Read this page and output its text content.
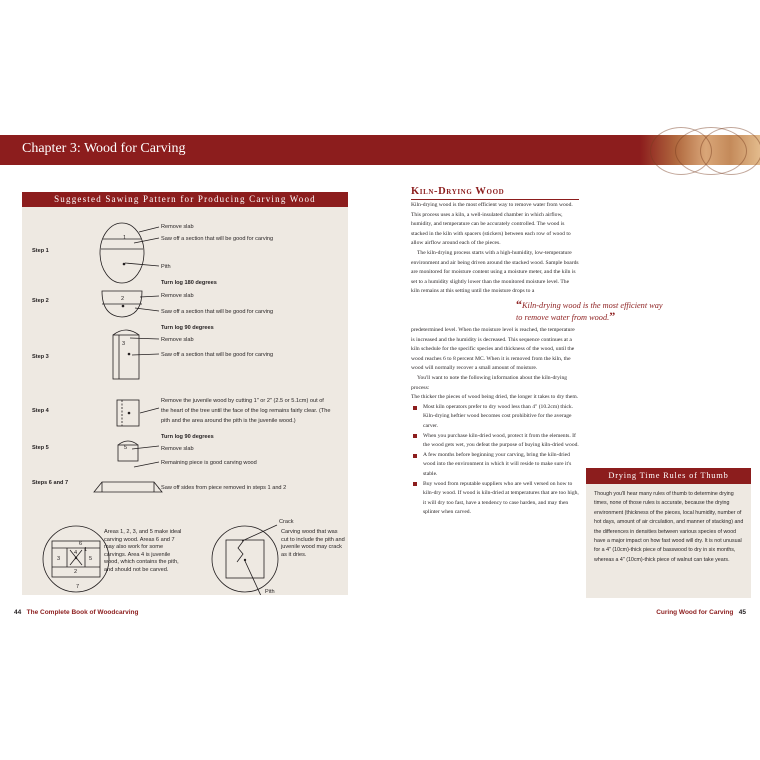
Chapter 3: Wood for Carving
Suggested Sawing Pattern for Producing Carving Wood
Step 1
Step 2
Step 3
Step 4
Step 5
Steps 6 and 7
1
2
3
5
6
1
3
4
5
2
7
Remove slab
Saw off a section that will be good for carving
Pith
Turn log 180 degrees
Remove slab
Saw off a section that will be good for carving
Turn log 90 degrees
Remove slab
Saw off a section that will be good for carving
Remove the juvenile wood by cutting 1" or 2" (2.5 or 5.1cm) out of
the heart of the tree until the face of the log remains fairly clear. (The
pith and the area around the pith is the juvenile wood.)
Turn log 90 degrees
Remove slab
Remaining piece is good carving wood
Saw off sides from piece removed in steps 1 and 2
Crack
Pith
Areas 1, 2, 3, and 5 make ideal carving wood. Areas 6 and 7 may also work for some carvings. Area 4 is juvenile wood, which contains the pith, and should not be carved.
Carving wood that was cut to include the pith and juvenile wood may crack as it dries.
44 The Complete Book of Woodcarving	Curing Wood for Carving 45
Kiln-Drying Wood

Kiln-drying wood is the most efficient way to remove water from wood. This process uses a kiln, a well-insulated chamber in which airflow, humidity, and temperature can be accurately controlled. The wood is stacked in the kiln with spacers (stickers) between each row of wood to allow airflow around each of the pieces.

The kiln-drying process starts with a high-humidity, low-temperature environment and air being driven around the stacked wood. Sample boards are monitored for moisture content using a moisture meter, and the kiln is set to a humidity slightly lower than the monitored moisture level. The kiln remains at this setting until the moisture drops to a

predetermined level. When the moisture level is reached, the temperature is increased and the humidity is decreased. This sequence continues at a kiln schedule for the specific species and thickness of the wood, until the wood reaches 6 to 8 percent MC. When it is removed from the kiln, the wood will normally recover a small amount of moisture.

You'll want to note the following information about the kiln-drying process:

The thicker the pieces of wood being dried, the longer it takes to dry them.

Most kiln operators prefer to dry wood less than 4" (10.2cm) thick. Kiln-drying heftier wood becomes cost prohibitive for the average carver.
When you purchase kiln-dried wood, protect it from the elements. If the wood gets wet, you defeat the purpose of buying kiln-dried wood.
A few months before beginning your carving, bring the kiln-dried wood into the environment in which it will reside to make sure it's stable.
Buy wood from reputable suppliers who are well versed on how to kiln-dry wood. If wood is kiln-dried at temperatures that are too high, it will dry too fast, have a tendency to case harden, and may then splinter when carved.
“Kiln-drying wood is the most efficient way to remove water from wood.”
Drying Time Rules of Thumb
Though you'll hear many rules of thumb to determine drying times, none of those rules is accurate, because the drying environment (thickness of the pieces, local humidity, number of hot days, amount of air circulation, and manner of stacking) and the differences in densities between various species of wood have a major impact on how fast wood will dry. It is not unusual for a 4" (10cm)-thick piece of basswood to dry in six months, whereas a 4" (10cm)-thick piece of walnut can take years.
